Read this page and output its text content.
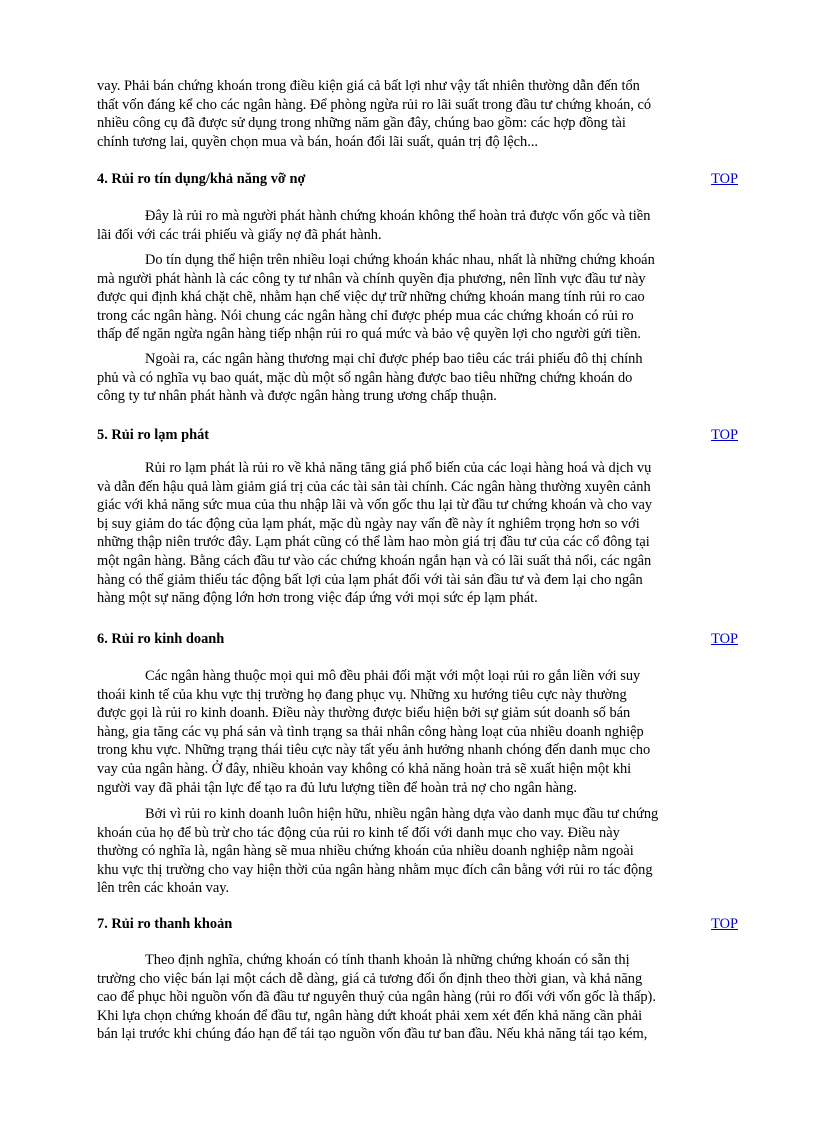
vay. Phải bán chứng khoán trong điều kiện giá cả bất lợi như vậy tất nhiên thường dẫn đến tổn
thất vốn đáng kể cho các ngân hàng. Để phòng ngừa rủi ro lãi suất trong đầu tư chứng khoán, có
nhiều công cụ đã được sử dụng trong những năm gần đây, chúng bao gồm: các hợp đồng tài
chính tương lai, quyền chọn mua và bán, hoán đổi lãi suất, quản trị độ lệch...

4. Rủi ro tín dụng/khả năng vỡ nợ	TOP

Đây là rủi ro mà người phát hành chứng khoán không thể hoàn trả được vốn gốc và tiền
lãi đối với các trái phiếu và giấy nợ đã phát hành.

Do tín dụng thể hiện trên nhiều loại chứng khoán khác nhau, nhất là những chứng khoán
mà người phát hành là các công ty tư nhân và chính quyền địa phương, nên lĩnh vực đầu tư này
được qui định khá chặt chẽ, nhằm hạn chế việc dự trữ những chứng khoán mang tính rủi ro cao
trong các ngân hàng. Nói chung các ngân hàng chỉ được phép mua các chứng khoán có rủi ro
thấp để ngăn ngừa ngân hàng tiếp nhận rủi ro quá mức và bảo vệ quyền lợi cho người gửi tiền.

Ngoài ra, các ngân hàng thương mại chỉ được phép bao tiêu các trái phiếu đô thị chính
phủ và có nghĩa vụ bao quát, mặc dù một số ngân hàng được bao tiêu những chứng khoán do
công ty tư nhân phát hành và được ngân hàng trung ương chấp thuận.

5. Rủi ro lạm phát	TOP

Rủi ro lạm phát là rủi ro về khả năng tăng giá phổ biến của các loại hàng hoá và dịch vụ
và dẫn đến hậu quả làm giảm giá trị của các tài sản tài chính. Các ngân hàng thường xuyên cảnh
giác với khả năng sức mua của thu nhập lãi và vốn gốc thu lại từ đầu tư chứng khoán và cho vay
bị suy giảm do tác động của lạm phát, mặc dù ngày nay vấn đề này ít nghiêm trọng hơn so với
những thập niên trước đây. Lạm phát cũng có thể làm hao mòn giá trị đầu tư của các cổ đông tại
một ngân hàng. Bằng cách đầu tư vào các chứng khoán ngắn hạn và có lãi suất thả nổi, các ngân
hàng có thể giảm thiểu tác động bất lợi của lạm phát đối với tài sản đầu tư và đem lại cho ngân
hàng một sự năng động lớn hơn trong việc đáp ứng với mọi sức ép lạm phát.

6. Rủi ro kinh doanh	TOP

Các ngân hàng thuộc mọi qui mô đều phải đối mặt với một loại rủi ro gắn liền với suy
thoái kinh tế của khu vực thị trường họ đang phục vụ. Những xu hướng tiêu cực này thường
được gọi là rủi ro kinh doanh. Điều này thường được biểu hiện bởi sự giảm sút doanh số bán
hàng, gia tăng các vụ phá sản và tình trạng sa thải nhân công hàng loạt của nhiều doanh nghiệp
trong khu vực. Những trạng thái tiêu cực này tất yếu ảnh hưởng nhanh chóng đến danh mục cho
vay của ngân hàng. Ở đây, nhiều khoản vay không có khả năng hoàn trả sẽ xuất hiện một khi
người vay đã phải tận lực để tạo ra đủ lưu lượng tiền để hoàn trả nợ cho ngân hàng.

Bởi vì rủi ro kinh doanh luôn hiện hữu, nhiều ngân hàng dựa vào danh mục đầu tư chứng
khoán của họ để bù trừ cho tác động của rủi ro kinh tế đối với danh mục cho vay. Điều này
thường có nghĩa là, ngân hàng sẽ mua nhiều chứng khoán của nhiều doanh nghiệp nằm ngoài
khu vực thị trường cho vay hiện thời của ngân hàng nhằm mục đích cân bằng với rủi ro tác động
lên trên các khoản vay.

7. Rủi ro thanh khoản	TOP

Theo định nghĩa, chứng khoán có tính thanh khoản là những chứng khoán có sẵn thị
trường cho việc bán lại một cách dễ dàng, giá cả tương đối ổn định theo thời gian, và khả năng
cao để phục hồi nguồn vốn đã đầu tư nguyên thuỷ của ngân hàng (rủi ro đối với vốn gốc là thấp).
Khi lựa chọn chứng khoán để đầu tư, ngân hàng dứt khoát phải xem xét đến khả năng cần phải
bán lại trước khi chúng đáo hạn để tái tạo nguồn vốn đầu tư ban đầu. Nếu khả năng tái tạo kém,
